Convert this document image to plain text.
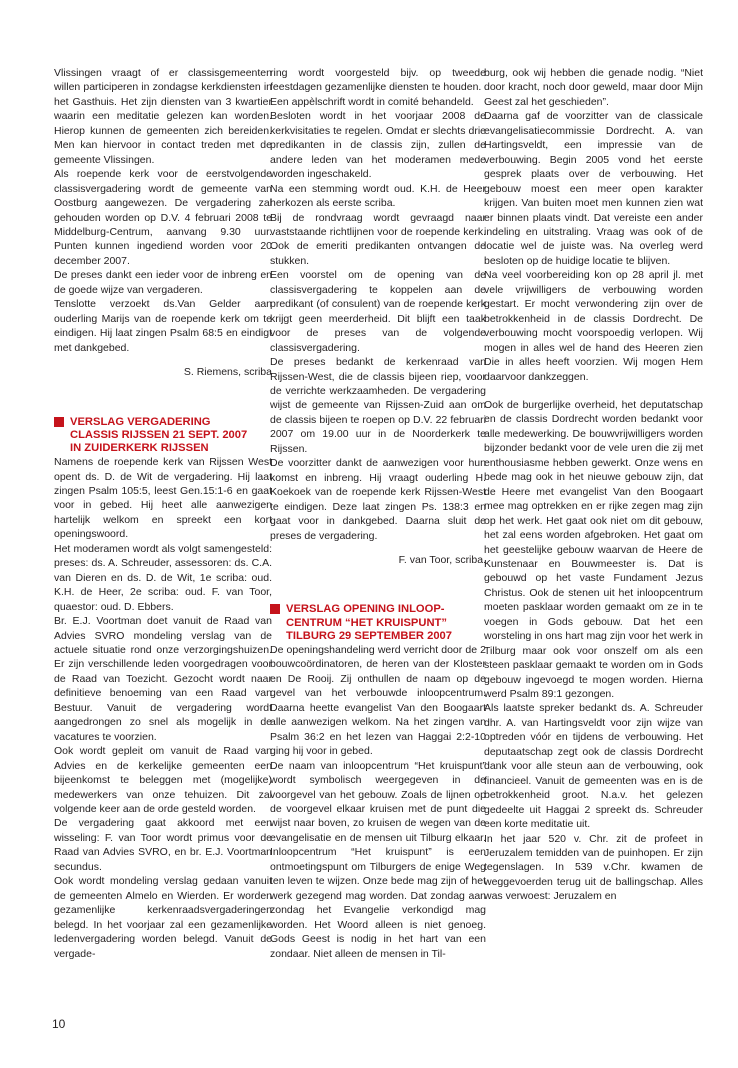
Vlissingen vraagt of er classisgemeenten willen participeren in zondagse kerkdiensten in het Gasthuis. Het zijn diensten van 3 kwartier waarin een meditatie gelezen kan worden. Hierop kunnen de gemeenten zich bereiden. Men kan hiervoor in contact treden met de gemeente Vlissingen.

Als roepende kerk voor de eerstvolgende classisvergadering wordt de gemeente van Oostburg aangewezen. De vergadering zal gehouden worden op D.V. 4 februari 2008 te Middelburg-Centrum, aanvang 9.30 uur. Punten kunnen ingediend worden voor 20 december 2007.

De preses dankt een ieder voor de inbreng en de goede wijze van vergaderen.

Tenslotte verzoekt ds.Van Gelder aan ouderling Marijs van de roepende kerk om te eindigen. Hij laat zingen Psalm 68:5 en eindigt met dankgebed.

S. Riemens, scriba

VERSLAG VERGADERING
CLASSIS RIJSSEN 21 SEPT. 2007
IN ZUIDERKERK RIJSSEN

Namens de roepende kerk van Rijssen West opent ds. D. de Wit de vergadering. Hij laat zingen Psalm 105:5, leest Gen.15:1-6 en gaat voor in gebed. Hij heet alle aanwezigen hartelijk welkom en spreekt een kort openingswoord.

Het moderamen wordt als volgt samengesteld: preses: ds. A. Schreuder, assessoren: ds. C.A. van Dieren en ds. D. de Wit, 1e scriba: oud. K.H. de Heer, 2e scriba: oud. F. van Toor, quaestor: oud. D. Ebbers.

Br. E.J. Voortman doet vanuit de Raad van Advies SVRO mondeling verslag van de actuele situatie rond onze verzorgingshuizen. Er zijn verschillende leden voorgedragen voor de Raad van Toezicht. Gezocht wordt naar definitieve benoeming van een Raad van Bestuur. Vanuit de vergadering wordt aangedrongen zo snel als mogelijk in de vacatures te voorzien.

Ook wordt gepleit om vanuit de Raad van Advies en de kerkelijke gemeenten een bijeenkomst te beleggen met (mogelijke) medewerkers van onze tehuizen. Dit zal volgende keer aan de orde gesteld worden.

De vergadering gaat akkoord met een wisseling: F. van Toor wordt primus voor de Raad van Advies SVRO, en br. E.J. Voortman secundus.

Ook wordt mondeling verslag gedaan vanuit de gemeenten Almelo en Wierden. Er worden gezamenlijke kerkenraadsvergaderingen belegd. In het voorjaar zal een gezamenlijke ledenvergadering worden belegd. Vanuit de vergade-

ring wordt voorgesteld bijv. op tweede feestdagen gezamenlijke diensten te houden.

Een appèlschrift wordt in comité behandeld.

Besloten wordt in het voorjaar 2008 de kerkvisitaties te regelen. Omdat er slechts drie predikanten in de classis zijn, zullen de andere leden van het moderamen mede worden ingeschakeld.

Na een stemming wordt oud. K.H. de Heer herkozen als eerste scriba.

Bij de rondvraag wordt gevraagd naar vaststaande richtlijnen voor de roepende kerk. Ook de emeriti predikanten ontvangen de stukken.

Een voorstel om de opening van de classisvergadering te koppelen aan de predikant (of consulent) van de roepende kerk krijgt geen meerderheid. Dit blijft een taak voor de preses van de volgende classisvergadering.

De preses bedankt de kerkenraad van Rijssen-West, die de classis bijeen riep, voor de verrichte werkzaamheden. De vergadering wijst de gemeente van Rijssen-Zuid aan om de classis bijeen te roepen op D.V. 22 februari 2007 om 19.00 uur in de Noorderkerk te Rijssen.

De voorzitter dankt de aanwezigen voor hun komst en inbreng. Hij vraagt ouderling H. Koekoek van de roepende kerk Rijssen-West te eindigen. Deze laat zingen Ps. 138:3 en gaat voor in dankgebed. Daarna sluit de preses de vergadering.

F. van Toor, scriba.

VERSLAG OPENING INLOOP-
CENTRUM “HET KRUISPUNT”
TILBURG 29 SEPTEMBER 2007

De openingshandeling werd verricht door de 2 bouwcoördinatoren, de heren van der Kloster en De Rooij. Zij onthullen de naam op de gevel van het verbouwde inloopcentrum. Daarna heette evangelist Van den Boogaart alle aanwezigen welkom. Na het zingen van Psalm 36:2 en het lezen van Haggai 2:2-10 ging hij voor in gebed.

De naam van inloopcentrum “Het kruispunt” wordt symbolisch weergegeven in de voorgevel van het gebouw. Zoals de lijnen op de voorgevel elkaar kruisen met de punt die wijst naar boven, zo kruisen de wegen van de evangelisatie en de mensen uit Tilburg elkaar. Inloopcentrum “Het kruispunt” is een ontmoetingspunt om Tilburgers de enige Weg ten leven te wijzen. Onze bede mag zijn of het werk gezegend mag worden. Dat zondag aan zondag het Evangelie verkondigd mag worden. Het Woord alleen is niet genoeg. Gods Geest is nodig in het hart van een zondaar. Niet alleen de mensen in Til-

burg, ook wij hebben die genade nodig. “Niet door kracht, noch door geweld, maar door Mijn Geest zal het geschieden”.

Daarna gaf de voorzitter van de classicale evangelisatiecommissie Dordrecht. A. van Hartingsveldt, een impressie van de verbouwing. Begin 2005 vond het eerste gesprek plaats over de verbouwing. Het gebouw moest een meer open karakter krijgen. Van buiten moet men kunnen zien wat er binnen plaats vindt. Dat vereiste een ander indeling en uitstraling. Vraag was ook of de locatie wel de juiste was. Na overleg werd besloten op de huidige locatie te blijven.

Na veel voorbereiding kon op 28 april jl. met vele vrijwilligers de verbouwing worden gestart. Er mocht verwondering zijn over de betrokkenheid in de classis Dordrecht. De verbouwing mocht voorspoedig verlopen. Wij mogen in alles wel de hand des Heeren zien Die in alles heeft voorzien. Wij mogen Hem daarvoor dankzeggen.

Ook de burgerlijke overheid, het deputatschap en de classis Dordrecht worden bedankt voor alle medewerking. De bouwvrijwilligers worden bijzonder bedankt voor de vele uren die zij met enthousiasme hebben gewerkt. Onze wens en bede mag ook in het nieuwe gebouw zijn, dat de Heere met evangelist Van den Boogaart mee mag optrekken en er rijke zegen mag zijn op het werk. Het gaat ook niet om dit gebouw, het zal eens worden afgebroken. Het gaat om het geestelijke gebouw waarvan de Heere de Kunstenaar en Bouwmeester is. Dat is gebouwd op het vaste Fundament Jezus Christus. Ook de stenen uit het inloopcentrum moeten pasklaar worden gemaakt om ze in te voegen in Gods gebouw. Dat het een worsteling in ons hart mag zijn voor het werk in Tilburg maar ook voor onszelf om als een steen pasklaar gemaakt te worden om in Gods gebouw ingevoegd te mogen worden. Hierna werd Psalm 89:1 gezongen.

Als laatste spreker bedankt ds. A. Schreuder dhr. A. van Hartingsveldt voor zijn wijze van optreden vóór en tijdens de verbouwing. Het deputaatschap zegt ook de classis Dordrecht dank voor alle steun aan de verbouwing, ook financieel. Vanuit de gemeenten was en is de betrokkenheid groot. N.a.v. het gelezen gedeelte uit Haggai 2 spreekt ds. Schreuder een korte meditatie uit.

In het jaar 520 v. Chr. zit de profeet in Jeruzalem temidden van de puinhopen. Er zijn tegenslagen. In 539 v.Chr. kwamen de weggevoerden terug uit de ballingschap. Alles was verwoest: Jeruzalem en

10
